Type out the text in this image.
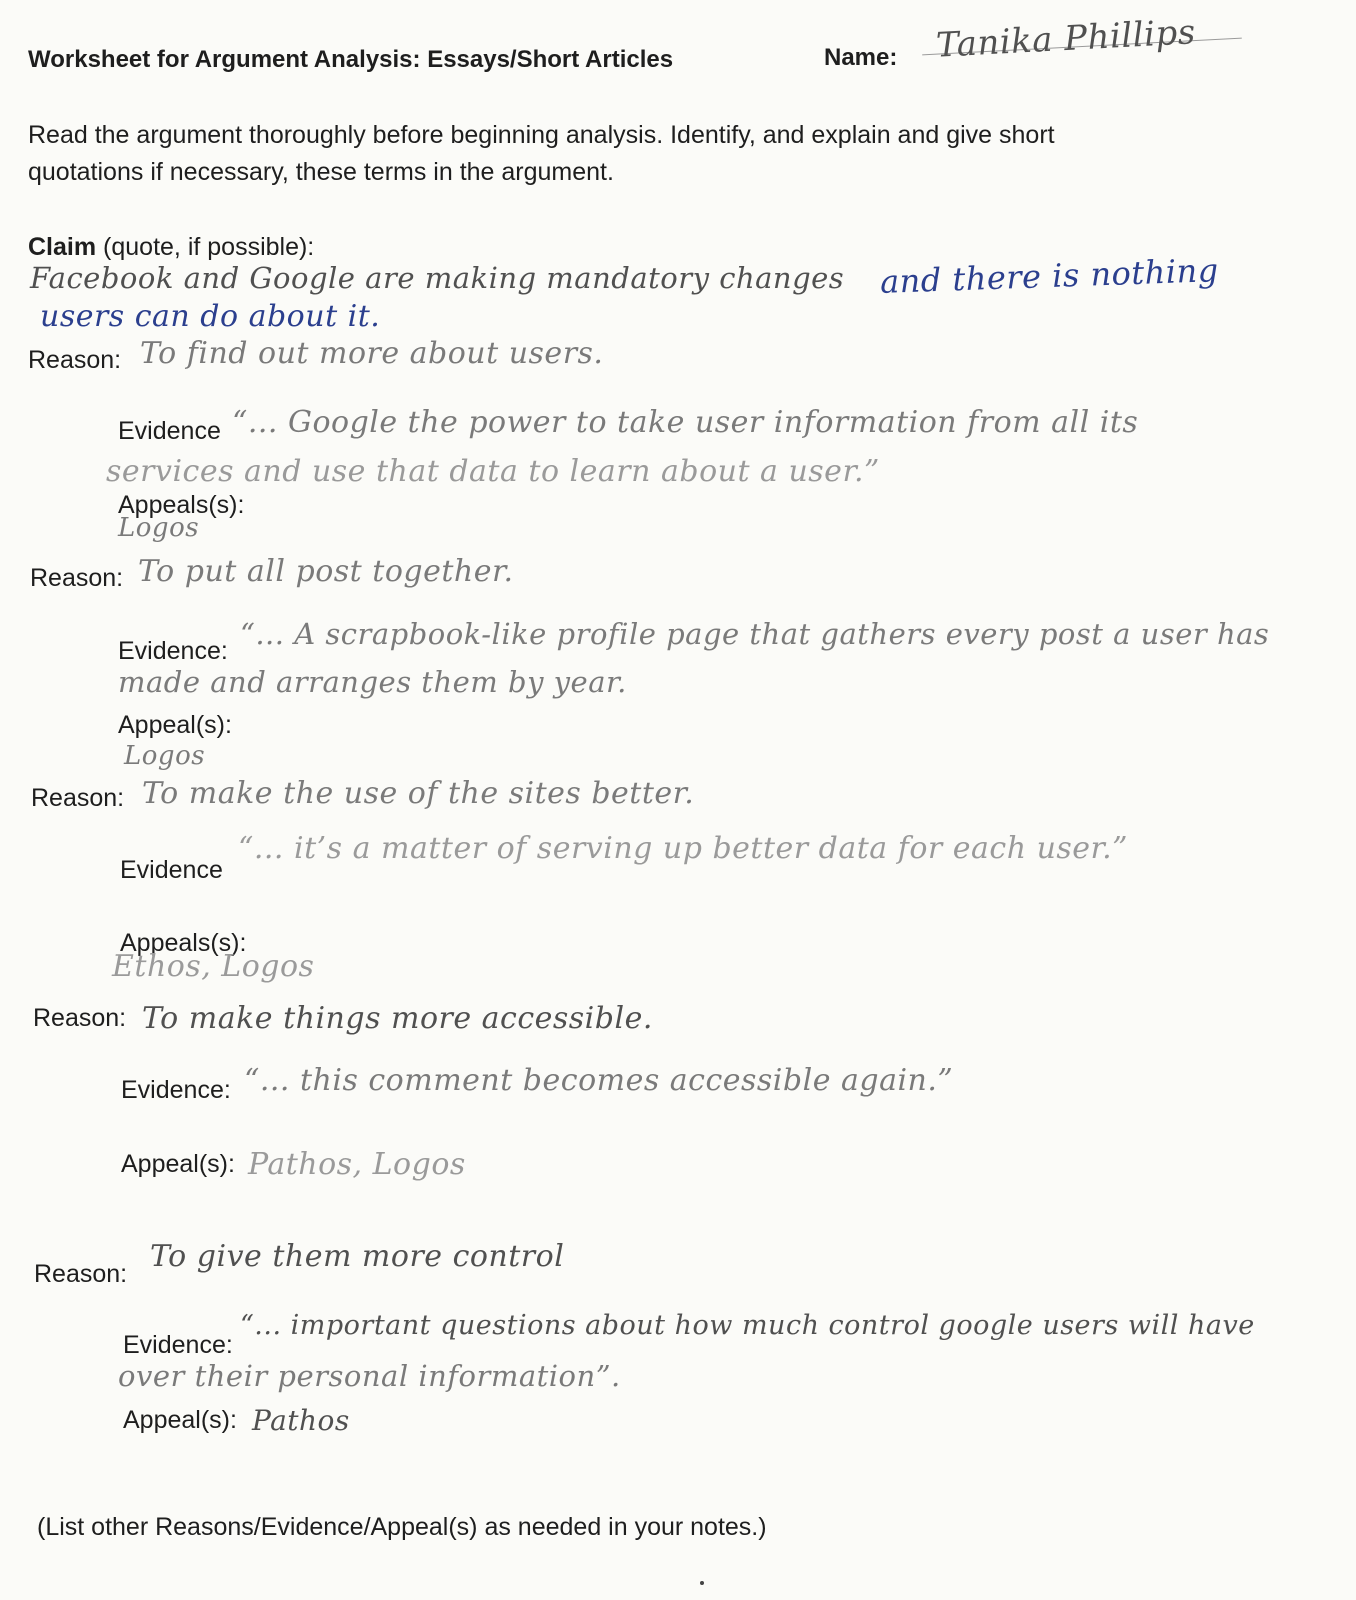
Worksheet for Argument Analysis: Essays/Short Articles	Name: Tanika Phillips
Read the argument thoroughly before beginning analysis. Identify, and explain and give short
quotations if necessary, these terms in the argument.
Claim (quote, if possible):
Facebook and Google are making mandatory changes and there is nothing
users can do about it.
Reason: To find out more about users.
Evidence “... Google the power to take user information from all its
services and use that data to learn about a user.”
Appeals(s):
Logos
Reason: To put all post together.
Evidence: “... A scrapbook-like profile page that gathers every post a user has
made and arranges them by year.
Appeal(s):
Logos
Reason: To make the use of the sites better.
Evidence
“... it’s a matter of serving up better data for each user.”
Appeals(s):
Ethos, Logos
Reason: To make things more accessible.
Evidence: “... this comment becomes accessible again.”
Appeal(s): Pathos, Logos
Reason: To give them more control
Evidence:
“... important questions about how much control google users will have
over their personal information”.
Appeal(s): Pathos
(List other Reasons/Evidence/Appeal(s) as needed in your notes.)
